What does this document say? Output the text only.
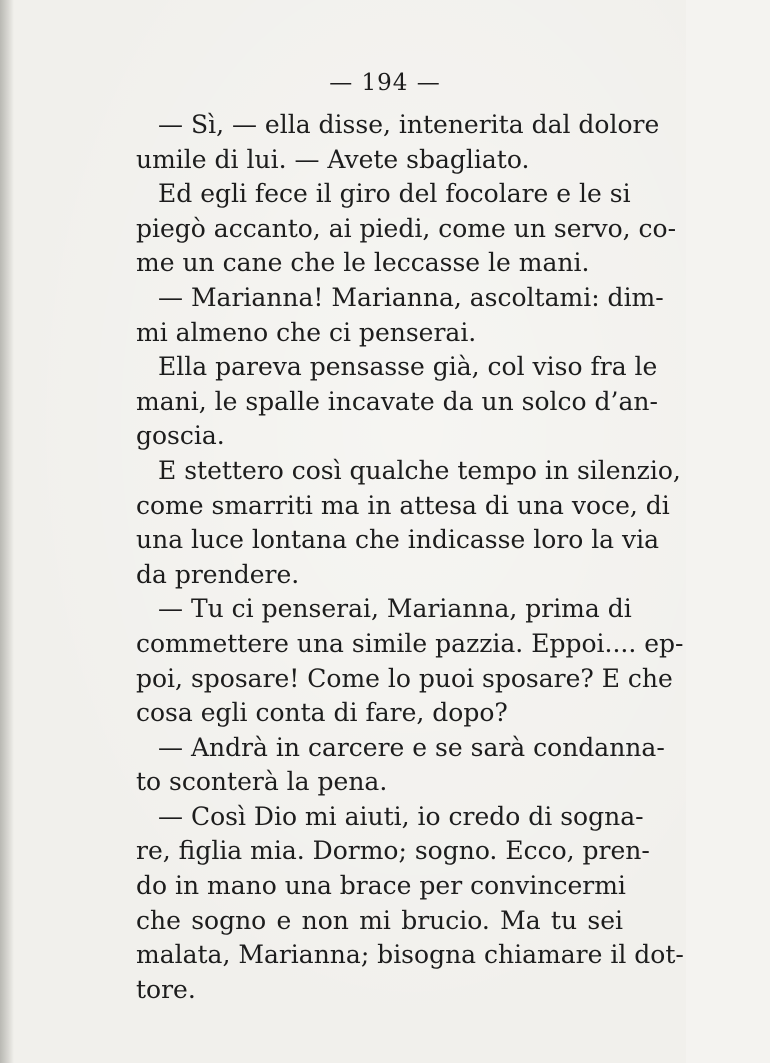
— 194 —
— Sì, — ella disse, intenerita dal dolore
umile di lui. — Avete sbagliato.
Ed egli fece il giro del focolare e le si
piegò accanto, ai piedi, come un servo, co-
me un cane che le leccasse le mani.
— Marianna! Marianna, ascoltami: dim-
mi almeno che ci penserai.
Ella pareva pensasse già, col viso fra le
mani, le spalle incavate da un solco d’an-
goscia.
E stettero così qualche tempo in silenzio,
come smarriti ma in attesa di una voce, di
una luce lontana che indicasse loro la via
da prendere.
— Tu ci penserai, Marianna, prima di
commettere una simile pazzia. Eppoi.... ep-
poi, sposare! Come lo puoi sposare? E che
cosa egli conta di fare, dopo?
— Andrà in carcere e se sarà condanna-
to sconterà la pena.
— Così Dio mi aiuti, io credo di sogna-
re, figlia mia. Dormo; sogno. Ecco, pren-
do in mano una brace per convincermi
che sogno e non mi brucio. Ma tu sei
malata, Marianna; bisogna chiamare il dot-
tore.
